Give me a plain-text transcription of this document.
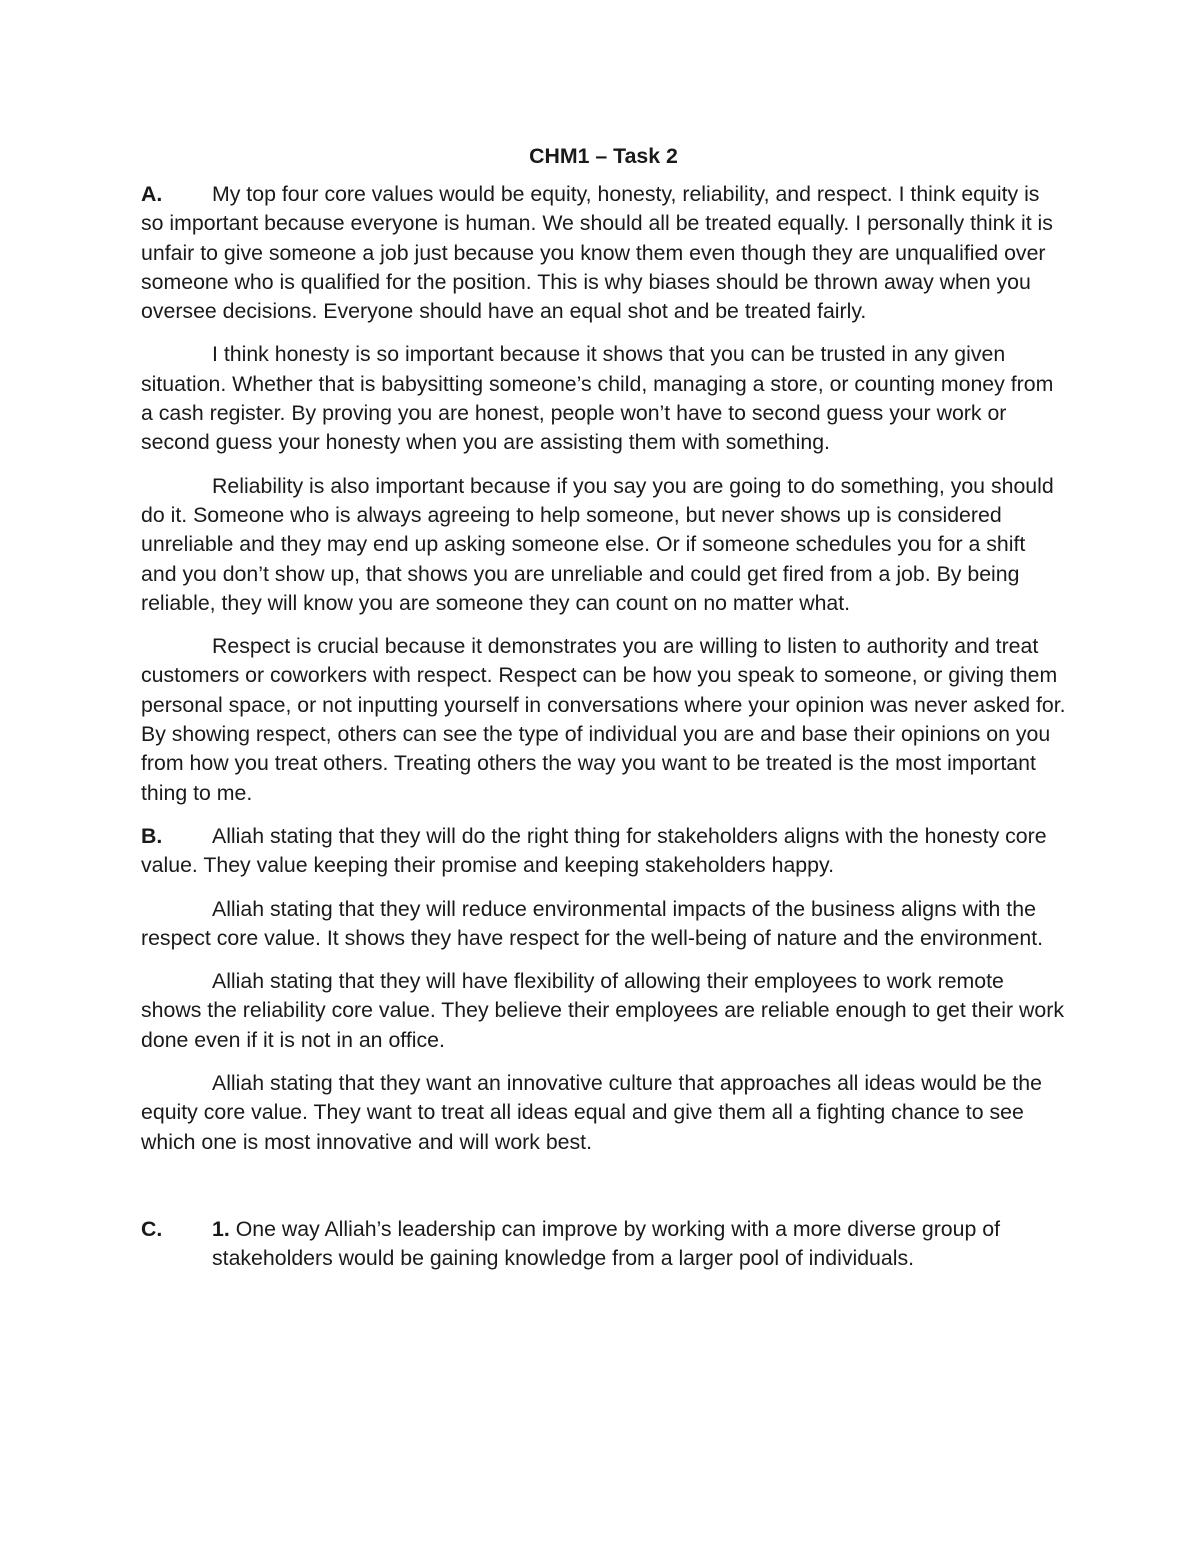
CHM1 – Task 2

A. My top four core values would be equity, honesty, reliability, and respect. I think equity is so important because everyone is human. We should all be treated equally. I personally think it is unfair to give someone a job just because you know them even though they are unqualified over someone who is qualified for the position. This is why biases should be thrown away when you oversee decisions. Everyone should have an equal shot and be treated fairly.

I think honesty is so important because it shows that you can be trusted in any given situation. Whether that is babysitting someone’s child, managing a store, or counting money from a cash register. By proving you are honest, people won’t have to second guess your work or second guess your honesty when you are assisting them with something.

Reliability is also important because if you say you are going to do something, you should do it. Someone who is always agreeing to help someone, but never shows up is considered unreliable and they may end up asking someone else. Or if someone schedules you for a shift and you don’t show up, that shows you are unreliable and could get fired from a job. By being reliable, they will know you are someone they can count on no matter what.

Respect is crucial because it demonstrates you are willing to listen to authority and treat customers or coworkers with respect. Respect can be how you speak to someone, or giving them personal space, or not inputting yourself in conversations where your opinion was never asked for. By showing respect, others can see the type of individual you are and base their opinions on you from how you treat others. Treating others the way you want to be treated is the most important thing to me.

B. Alliah stating that they will do the right thing for stakeholders aligns with the honesty core value. They value keeping their promise and keeping stakeholders happy.

Alliah stating that they will reduce environmental impacts of the business aligns with the respect core value. It shows they have respect for the well-being of nature and the environment.

Alliah stating that they will have flexibility of allowing their employees to work remote shows the reliability core value. They believe their employees are reliable enough to get their work done even if it is not in an office.

Alliah stating that they want an innovative culture that approaches all ideas would be the equity core value. They want to treat all ideas equal and give them all a fighting chance to see which one is most innovative and will work best.

C.	1. One way Alliah’s leadership can improve by working with a more diverse group of stakeholders would be gaining knowledge from a larger pool of individuals.
